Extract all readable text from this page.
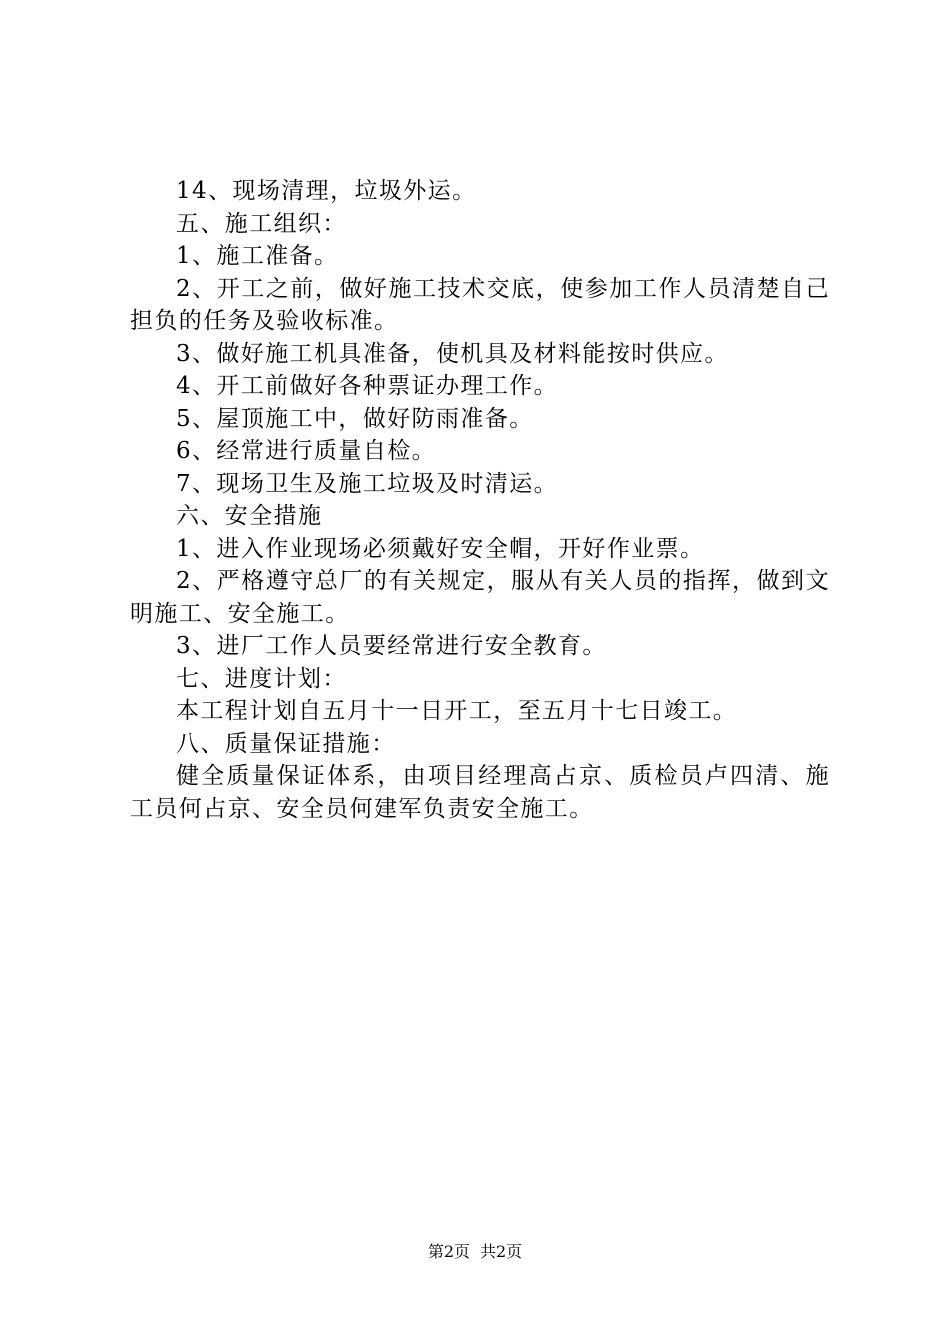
14、现场清理，垃圾外运。

五、施工组织：

1、施工准备。

2、开工之前，做好施工技术交底，使参加工作人员清楚自己担负的任务及验收标准。

3、做好施工机具准备，使机具及材料能按时供应。

4、开工前做好各种票证办理工作。

5、屋顶施工中，做好防雨准备。

6、经常进行质量自检。

7、现场卫生及施工垃圾及时清运。

六、安全措施

1、进入作业现场必须戴好安全帽，开好作业票。

2、严格遵守总厂的有关规定，服从有关人员的指挥，做到文明施工、安全施工。

3、进厂工作人员要经常进行安全教育。

七、进度计划：

本工程计划自五月十一日开工，至五月十七日竣工。

八、质量保证措施：

健全质量保证体系，由项目经理高占京、质检员卢四清、施工员何占京、安全员何建军负责安全施工。

第2页 共2页
